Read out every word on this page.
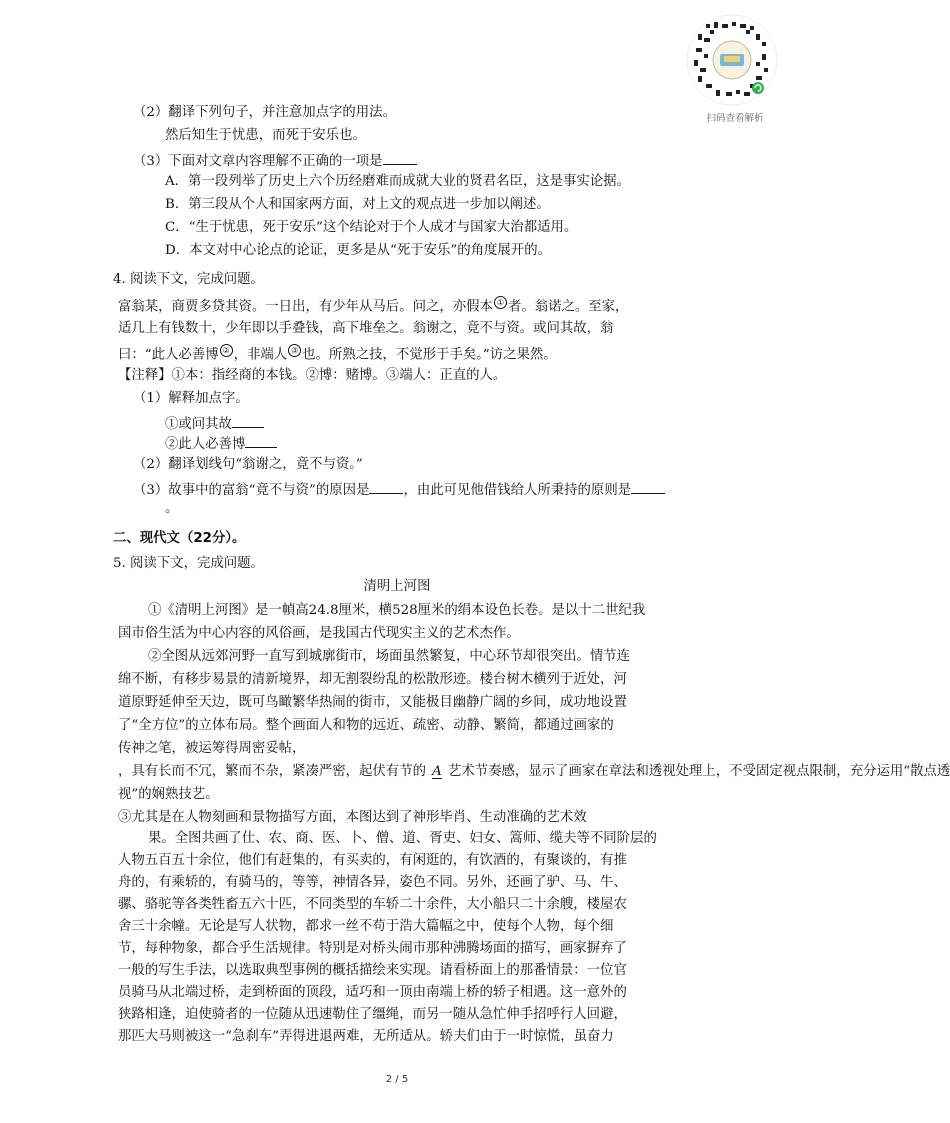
扫码查看解析
（2）翻译下列句子，并注意加点字的用法。
然后知生于忧患，而死于安乐也。
（3）下面对文章内容理解不正确的一项是
A．第一段列举了历史上六个历经磨难而成就大业的贤君名臣，这是事实论据。
B．第三段从个人和国家两方面，对上文的观点进一步加以阐述。
C．“生于忧患，死于安乐”这个结论对于个人成才与国家大治都适用。
D．本文对中心论点的论证，更多是从“死于安乐”的角度展开的。
4. 阅读下文，完成问题。
富翁某，商贾多贷其资。一日出，有少年从马后。问之，亦假本 ① 者。翁诺之。至家，
适几上有钱数十，少年即以手叠钱，高下堆垒之。翁谢之，竟不与资。或问其故，翁
曰：“此人必善博 ② ，非端人 ③ 也。所熟之技，不觉形于手矣。”访之果然。
【注释】①本：指经商的本钱。②博：赌博。③端人：正直的人。
（1）解释加点字。
①或问其故
②此人必善博
（2）翻译划线句“翁谢之，竟不与资。”
（3）故事中的富翁“竟不与资”的原因是	，由此可见他借钱给人所秉持的原则是
。
二、现代文（22分）。
5. 阅读下文，完成问题。
清明上河图
①《清明上河图》是一幀高24.8厘米，横528厘米的绢本设色长卷。是以十二世纪我
国市俗生活为中心内容的风俗画，是我国古代现实主义的艺术杰作。
②全图从远郊河野一直写到城廓街市，场面虽然繁复，中心环节却很突出。情节连
绵不断，有移步易景的清新境界，却无割裂纷乱的松散形迹。楼台树木横列于近处，河
道原野延伸至天边，既可鸟瞰繁华热闹的街市，又能极目幽静广阔的乡间，成功地设置
了“全方位”的立体布局。整个画面人和物的远近、疏密、动静、繁简，都通过画家的
传神之笔，被运筹得周密妥帖，
，具有长而不冗，繁而不杂，紧凑严密，起伏有节的 A 艺术节奏感，显示了画家在章法和透视处理上，不受固定视点限制，充分运用“散点透
视”的娴熟技艺。
③尤其是在人物刻画和景物描写方面，本图达到了神形毕肖、生动准确的艺术效
果。全图共画了仕、农、商、医、卜、僧、道、胥吏、妇女、篙师、缆夫等不同阶层的
人物五百五十余位，他们有赶集的，有买卖的，有闲逛的，有饮酒的，有聚谈的，有推
舟的，有乘轿的，有骑马的，等等，神情各异，姿色不同。另外，还画了驴、马、牛、
骡、骆驼等各类牲畜五六十匹，不同类型的车轿二十余件，大小船只二十余艘，楼屋农
舍三十余幢。无论是写人状物，都求一丝不苟于浩大篇幅之中，使每个人物，每个细
节，每种物象，都合乎生活规律。特别是对桥头闹市那种沸腾场面的描写，画家摒弃了
一般的写生手法，以选取典型事例的概括描绘来实现。请看桥面上的那番情景：一位官
员骑马从北端过桥，走到桥面的顶段，适巧和一顶由南端上桥的轿子相遇。这一意外的
狭路相逢，迫使骑者的一位随从迅速勒住了缰绳，而另一随从急忙伸手招呼行人回避，
那匹大马则被这一“急刹车”弄得进退两难，无所适从。轿夫们由于一时惊慌，虽奋力
2 / 5
